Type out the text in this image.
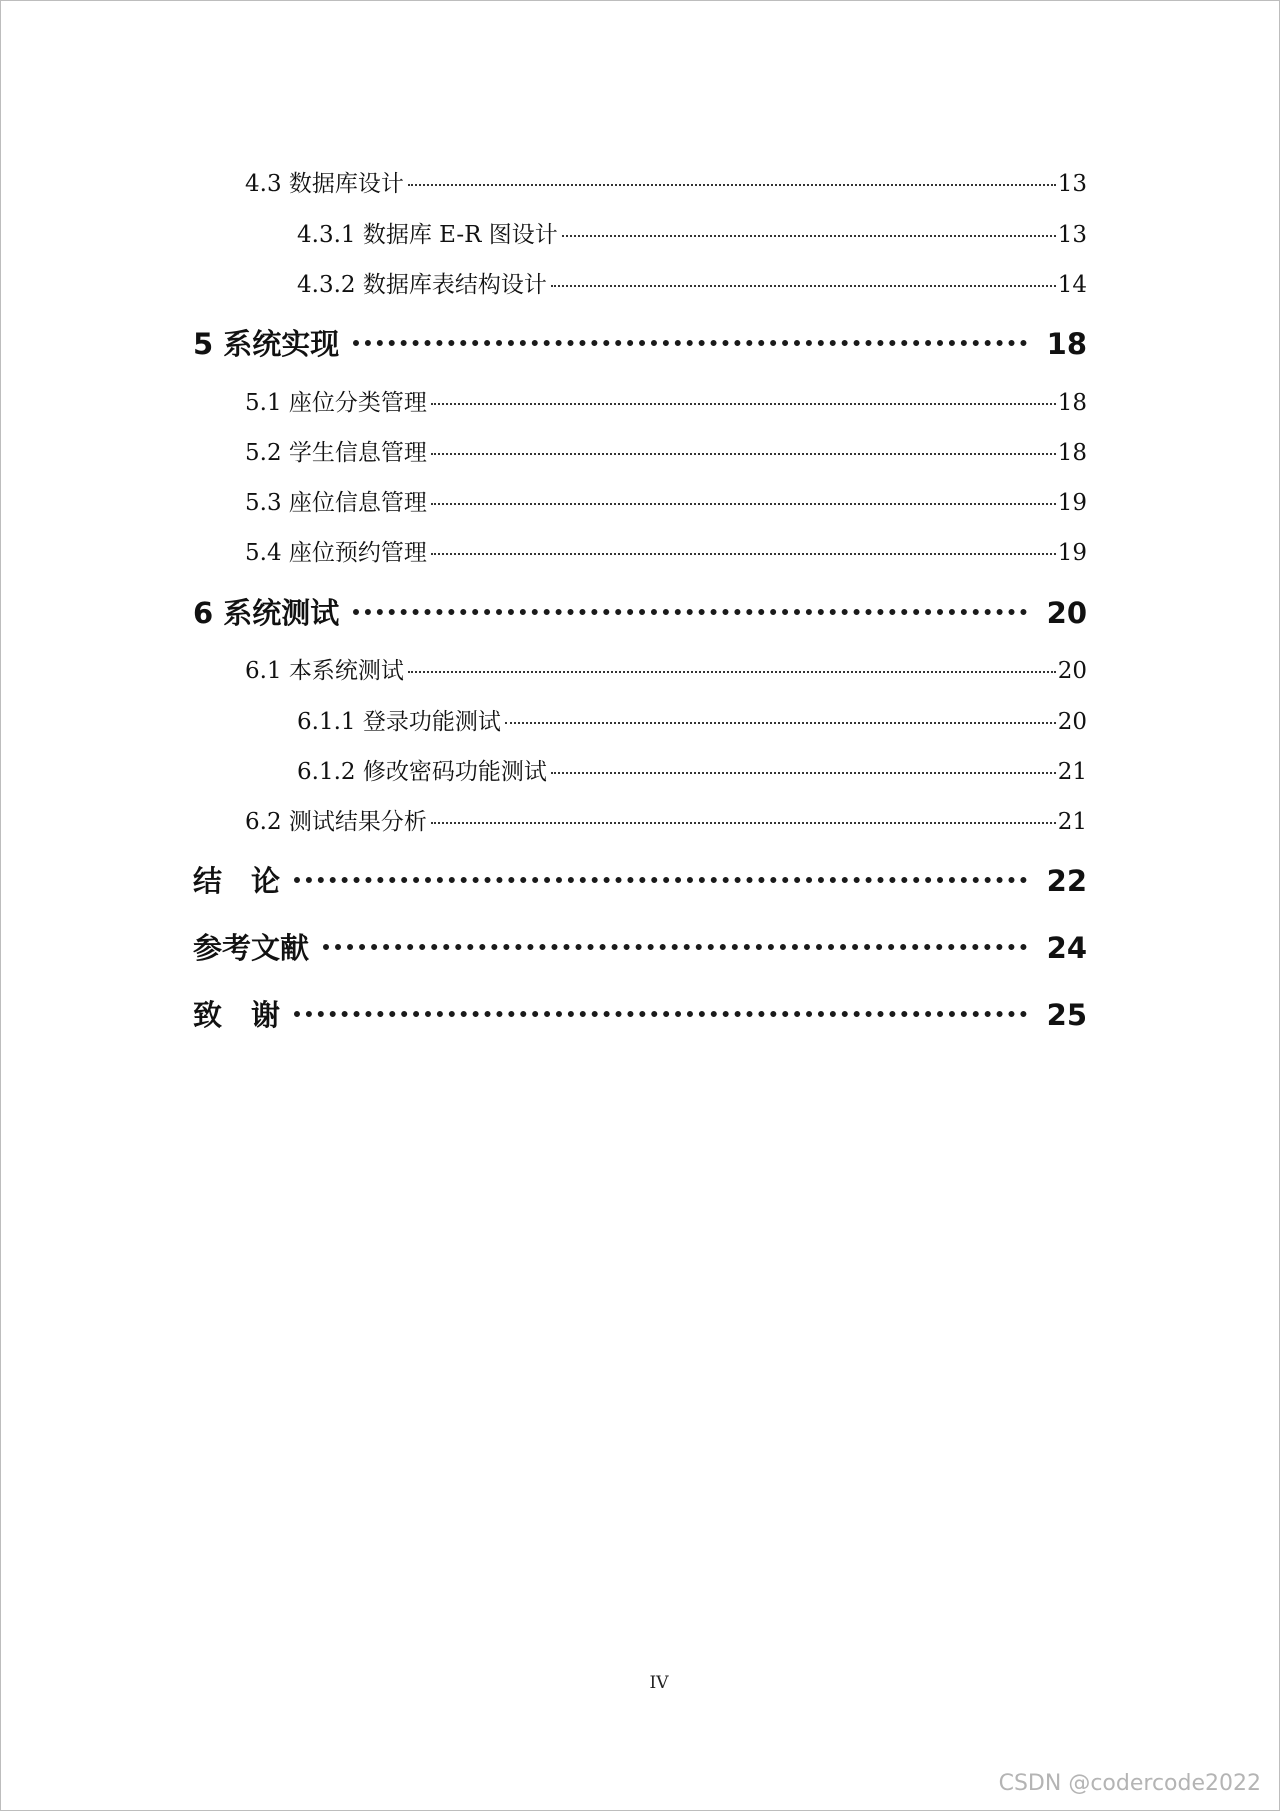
4.3 数据库设计	13
4.3.1 数据库 E-R 图设计	13
4.3.2 数据库表结构设计	14
5 系统实现	18
5.1 座位分类管理	18
5.2 学生信息管理	18
5.3 座位信息管理	19
5.4 座位预约管理	19
6 系统测试	20
6.1 本系统测试	20
6.1.1 登录功能测试	20
6.1.2 修改密码功能测试	21
6.2 测试结果分析	21
结　论	22
参考文献	24
致　谢	25
IV
CSDN @codercode2022
